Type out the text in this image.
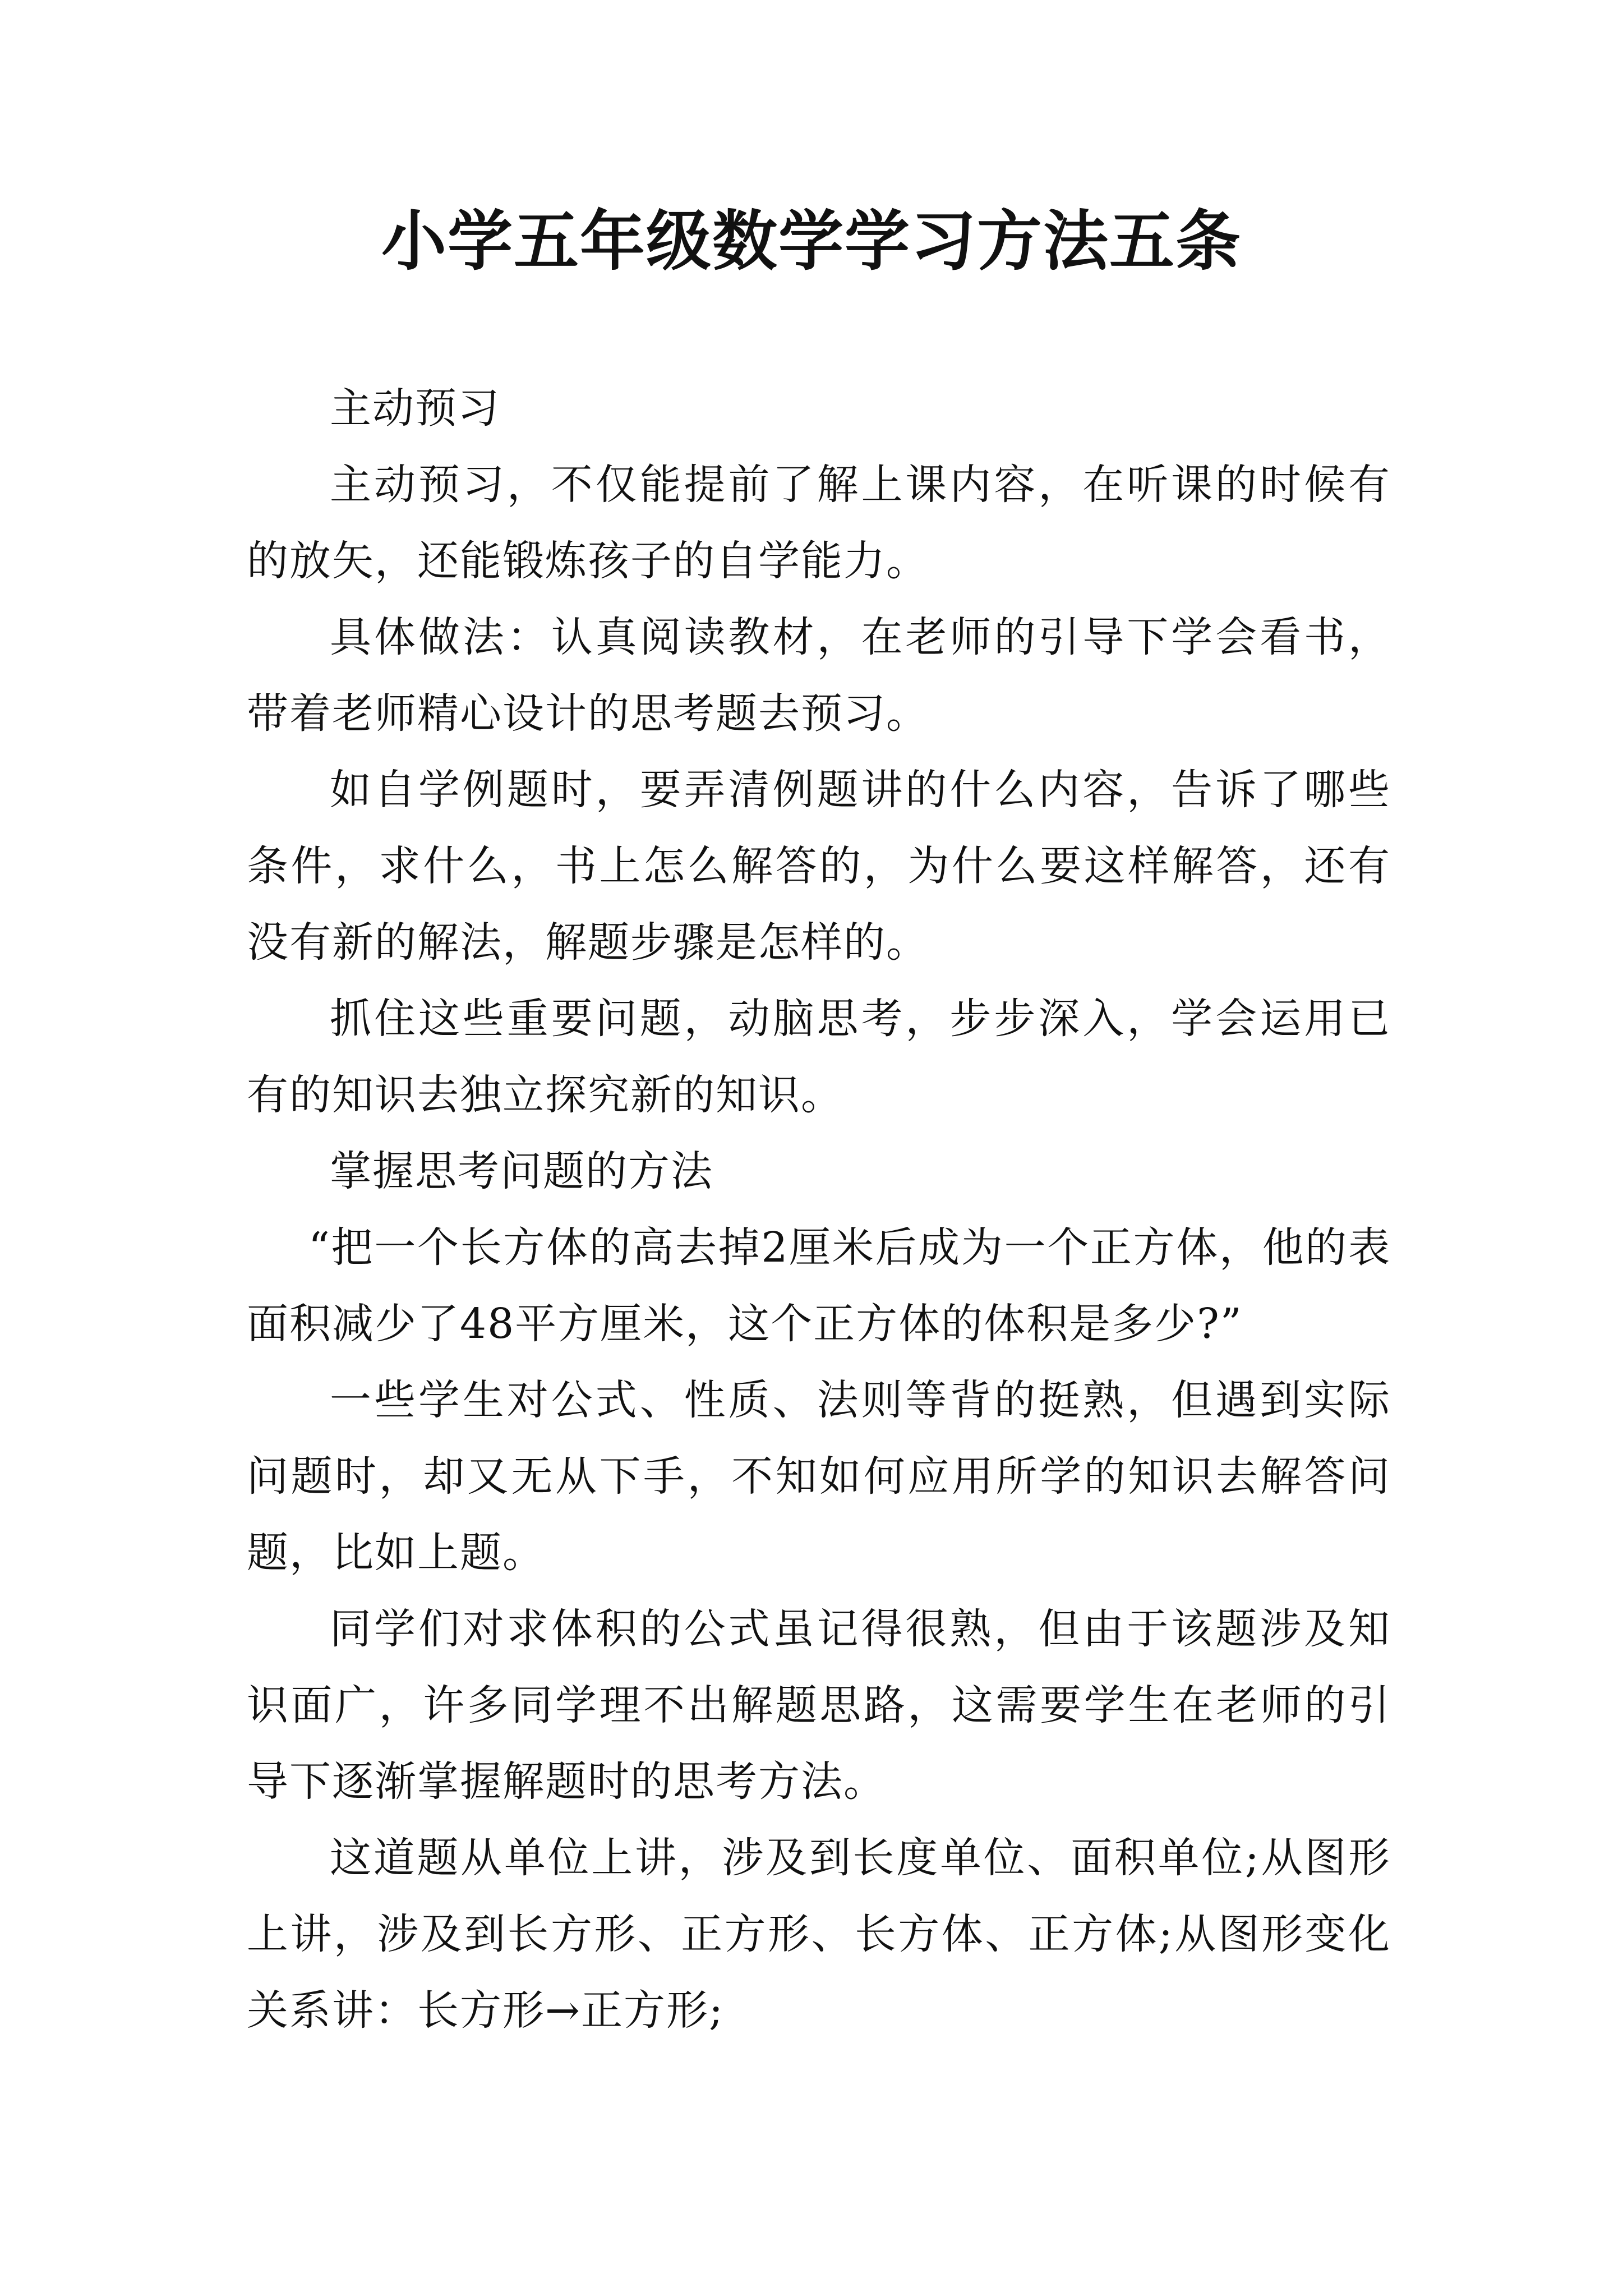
小学五年级数学学习方法五条

主动预习

主动预习，不仅能提前了解上课内容，在听课的时候有的放矢，还能锻炼孩子的自学能力。

具体做法：认真阅读教材，在老师的引导下学会看书，带着老师精心设计的思考题去预习。

如自学例题时，要弄清例题讲的什么内容，告诉了哪些条件，求什么，书上怎么解答的，为什么要这样解答，还有没有新的解法，解题步骤是怎样的。

抓住这些重要问题，动脑思考，步步深入，学会运用已有的知识去独立探究新的知识。

掌握思考问题的方法

“把一个长方体的高去掉2厘米后成为一个正方体，他的表面积减少了48平方厘米，这个正方体的体积是多少?”

一些学生对公式、性质、法则等背的挺熟，但遇到实际问题时，却又无从下手，不知如何应用所学的知识去解答问题，比如上题。

同学们对求体积的公式虽记得很熟，但由于该题涉及知识面广，许多同学理不出解题思路，这需要学生在老师的引导下逐渐掌握解题时的思考方法。

这道题从单位上讲，涉及到长度单位、面积单位;从图形上讲，涉及到长方形、正方形、长方体、正方体;从图形变化关系讲：长方形→正方形;
